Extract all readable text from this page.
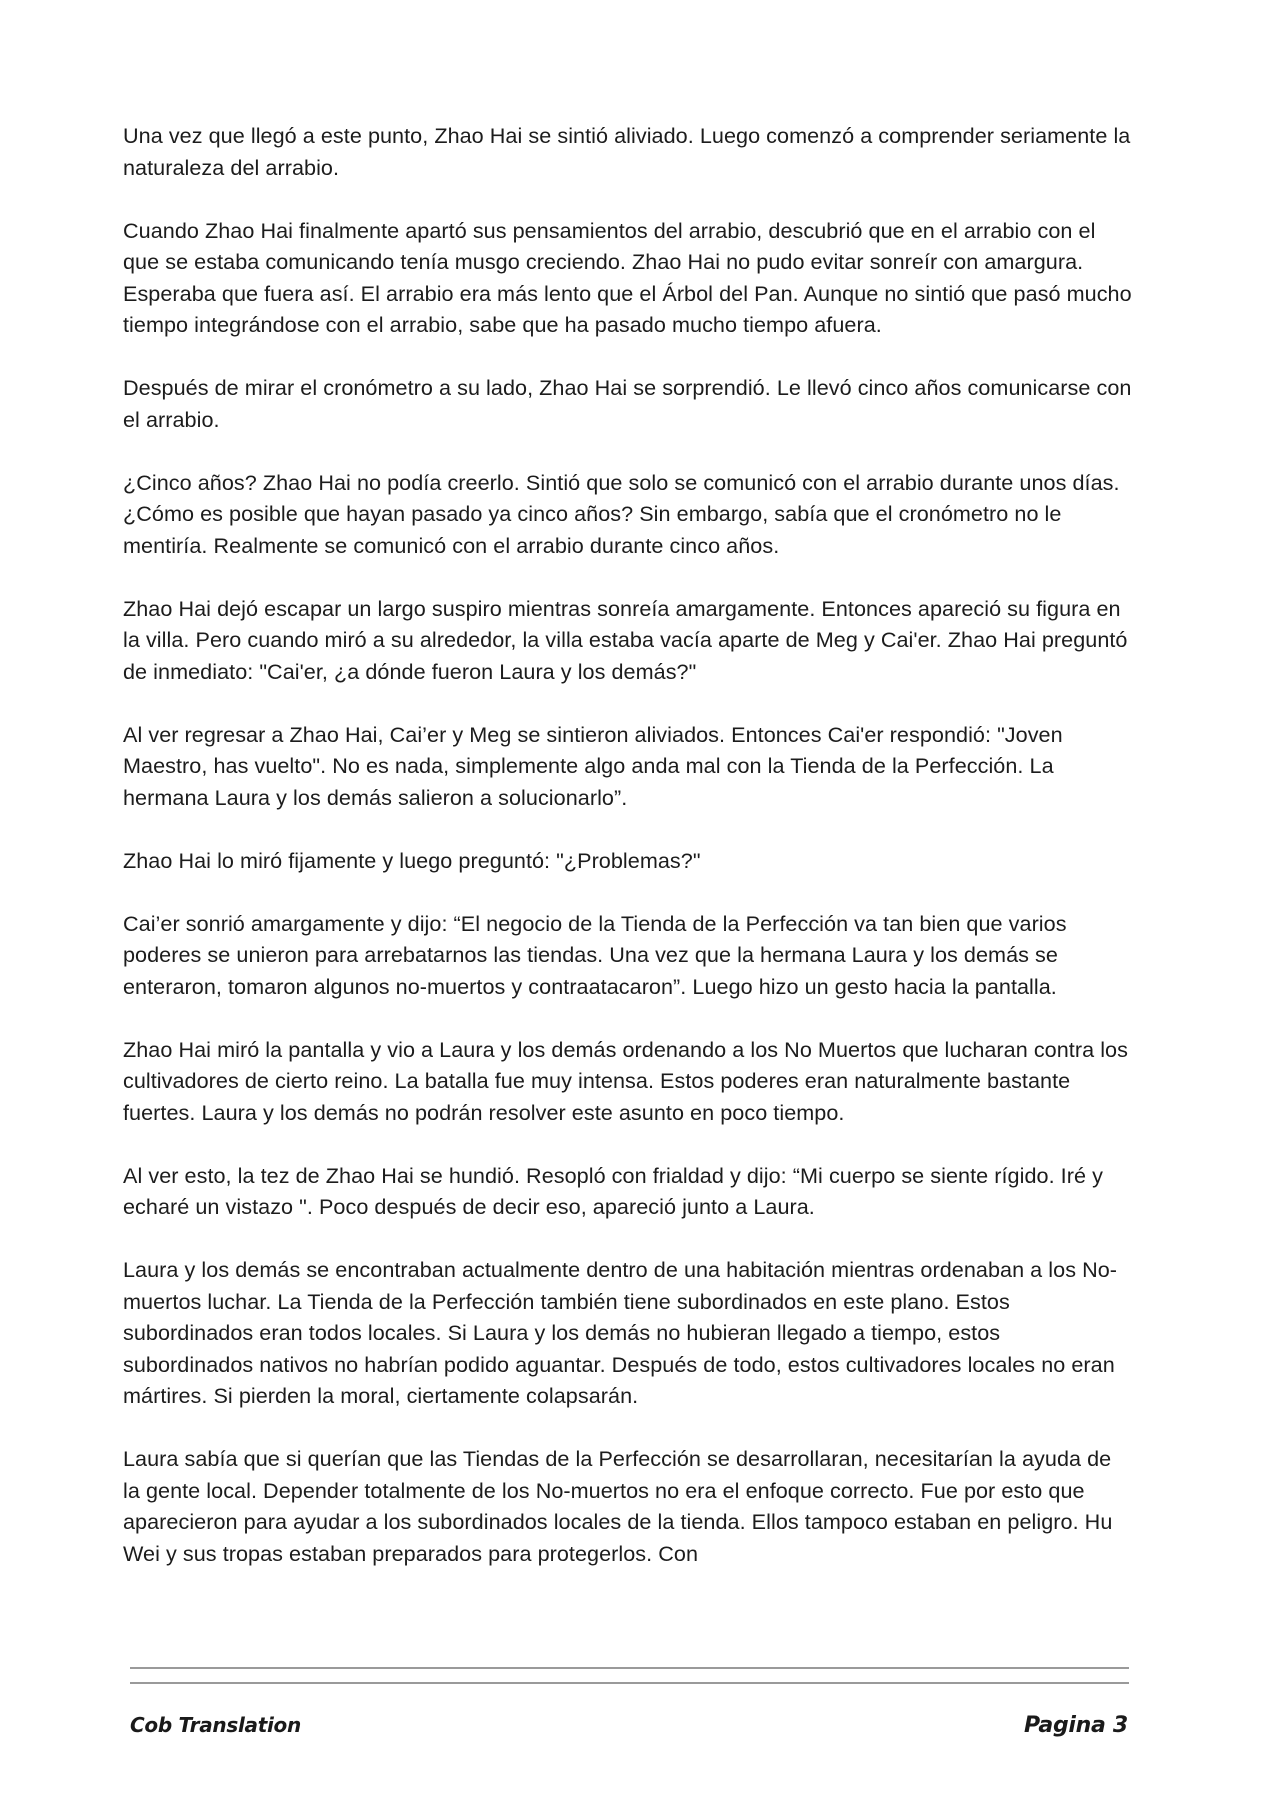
Una vez que llegó a este punto, Zhao Hai se sintió aliviado. Luego comenzó a comprender seriamente la naturaleza del arrabio.

Cuando Zhao Hai finalmente apartó sus pensamientos del arrabio, descubrió que en el arrabio con el que se estaba comunicando tenía musgo creciendo. Zhao Hai no pudo evitar sonreír con amargura. Esperaba que fuera así. El arrabio era más lento que el Árbol del Pan. Aunque no sintió que pasó mucho tiempo integrándose con el arrabio, sabe que ha pasado mucho tiempo afuera.

Después de mirar el cronómetro a su lado, Zhao Hai se sorprendió. Le llevó cinco años comunicarse con el arrabio.

¿Cinco años? Zhao Hai no podía creerlo. Sintió que solo se comunicó con el arrabio durante unos días. ¿Cómo es posible que hayan pasado ya cinco años? Sin embargo, sabía que el cronómetro no le mentiría. Realmente se comunicó con el arrabio durante cinco años.

Zhao Hai dejó escapar un largo suspiro mientras sonreía amargamente. Entonces apareció su figura en la villa. Pero cuando miró a su alrededor, la villa estaba vacía aparte de Meg y Cai'er. Zhao Hai preguntó de inmediato: "Cai'er, ¿a dónde fueron Laura y los demás?"

Al ver regresar a Zhao Hai, Cai’er y Meg se sintieron aliviados. Entonces Cai'er respondió: "Joven Maestro, has vuelto". No es nada, simplemente algo anda mal con la Tienda de la Perfección. La hermana Laura y los demás salieron a solucionarlo”.

Zhao Hai lo miró fijamente y luego preguntó: "¿Problemas?"

Cai’er sonrió amargamente y dijo: “El negocio de la Tienda de la Perfección va tan bien que varios poderes se unieron para arrebatarnos las tiendas. Una vez que la hermana Laura y los demás se enteraron, tomaron algunos no-muertos y contraatacaron”. Luego hizo un gesto hacia la pantalla.

Zhao Hai miró la pantalla y vio a Laura y los demás ordenando a los No Muertos que lucharan contra los cultivadores de cierto reino. La batalla fue muy intensa. Estos poderes eran naturalmente bastante fuertes. Laura y los demás no podrán resolver este asunto en poco tiempo.

Al ver esto, la tez de Zhao Hai se hundió. Resopló con frialdad y dijo: “Mi cuerpo se siente rígido. Iré y echaré un vistazo ". Poco después de decir eso, apareció junto a Laura.

Laura y los demás se encontraban actualmente dentro de una habitación mientras ordenaban a los No-muertos luchar. La Tienda de la Perfección también tiene subordinados en este plano. Estos subordinados eran todos locales. Si Laura y los demás no hubieran llegado a tiempo, estos subordinados nativos no habrían podido aguantar. Después de todo, estos cultivadores locales no eran mártires. Si pierden la moral, ciertamente colapsarán.

Laura sabía que si querían que las Tiendas de la Perfección se desarrollaran, necesitarían la ayuda de la gente local. Depender totalmente de los No-muertos no era el enfoque correcto. Fue por esto que aparecieron para ayudar a los subordinados locales de la tienda. Ellos tampoco estaban en peligro. Hu Wei y sus tropas estaban preparados para protegerlos. Con

Cob Translation	Pagina 3
